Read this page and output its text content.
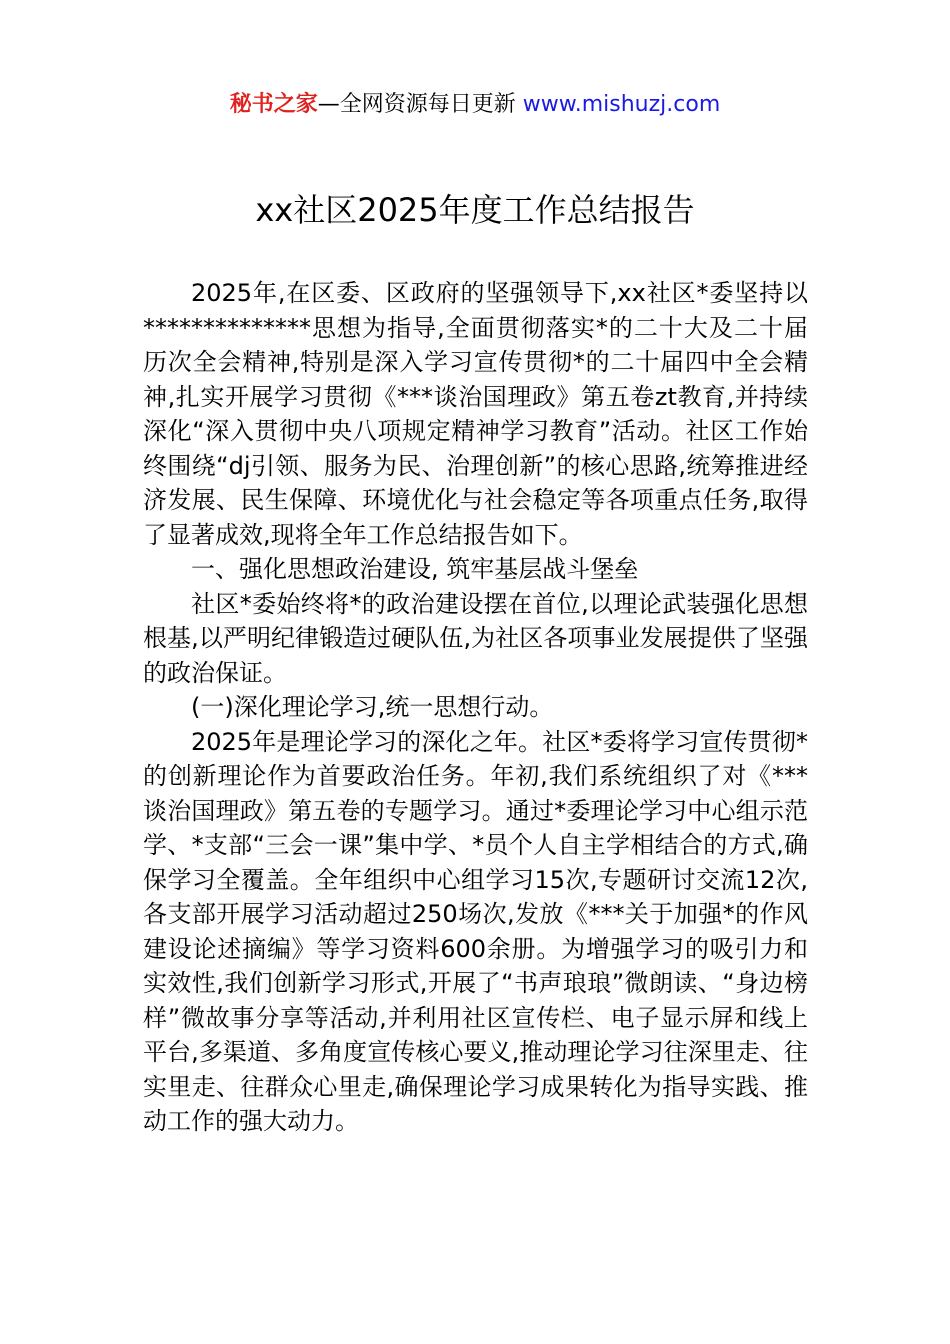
秘书之家—全网资源每日更新 www.mishuzj.com
xx社区2025年度工作总结报告

2025年,在区委、区政府的坚强领导下,xx社区*委坚持以**************思想为指导,全面贯彻落实*的二十大及二十届历次全会精神,特别是深入学习宣传贯彻*的二十届四中全会精神,扎实开展学习贯彻《***谈治国理政》第五卷zt教育,并持续深化“深入贯彻中央八项规定精神学习教育”活动。社区工作始终围绕“dj引领、服务为民、治理创新”的核心思路,统筹推进经济发展、民生保障、环境优化与社会稳定等各项重点任务,取得了显著成效,现将全年工作总结报告如下。

一、强化思想政治建设, 筑牢基层战斗堡垒

社区*委始终将*的政治建设摆在首位,以理论武装强化思想根基,以严明纪律锻造过硬队伍,为社区各项事业发展提供了坚强的政治保证。

(一)深化理论学习,统一思想行动。

2025年是理论学习的深化之年。社区*委将学习宣传贯彻*的创新理论作为首要政治任务。年初,我们系统组织了对《***谈治国理政》第五卷的专题学习。通过*委理论学习中心组示范学、*支部“三会一课”集中学、*员个人自主学相结合的方式,确保学习全覆盖。全年组织中心组学习15次,专题研讨交流12次,各支部开展学习活动超过250场次,发放《***关于加强*的作风建设论述摘编》等学习资料600余册。为增强学习的吸引力和实效性,我们创新学习形式,开展了“书声琅琅”微朗读、“身边榜样”微故事分享等活动,并利用社区宣传栏、电子显示屏和线上平台,多渠道、多角度宣传核心要义,推动理论学习往深里走、往实里走、往群众心里走,确保理论学习成果转化为指导实践、推动工作的强大动力。
